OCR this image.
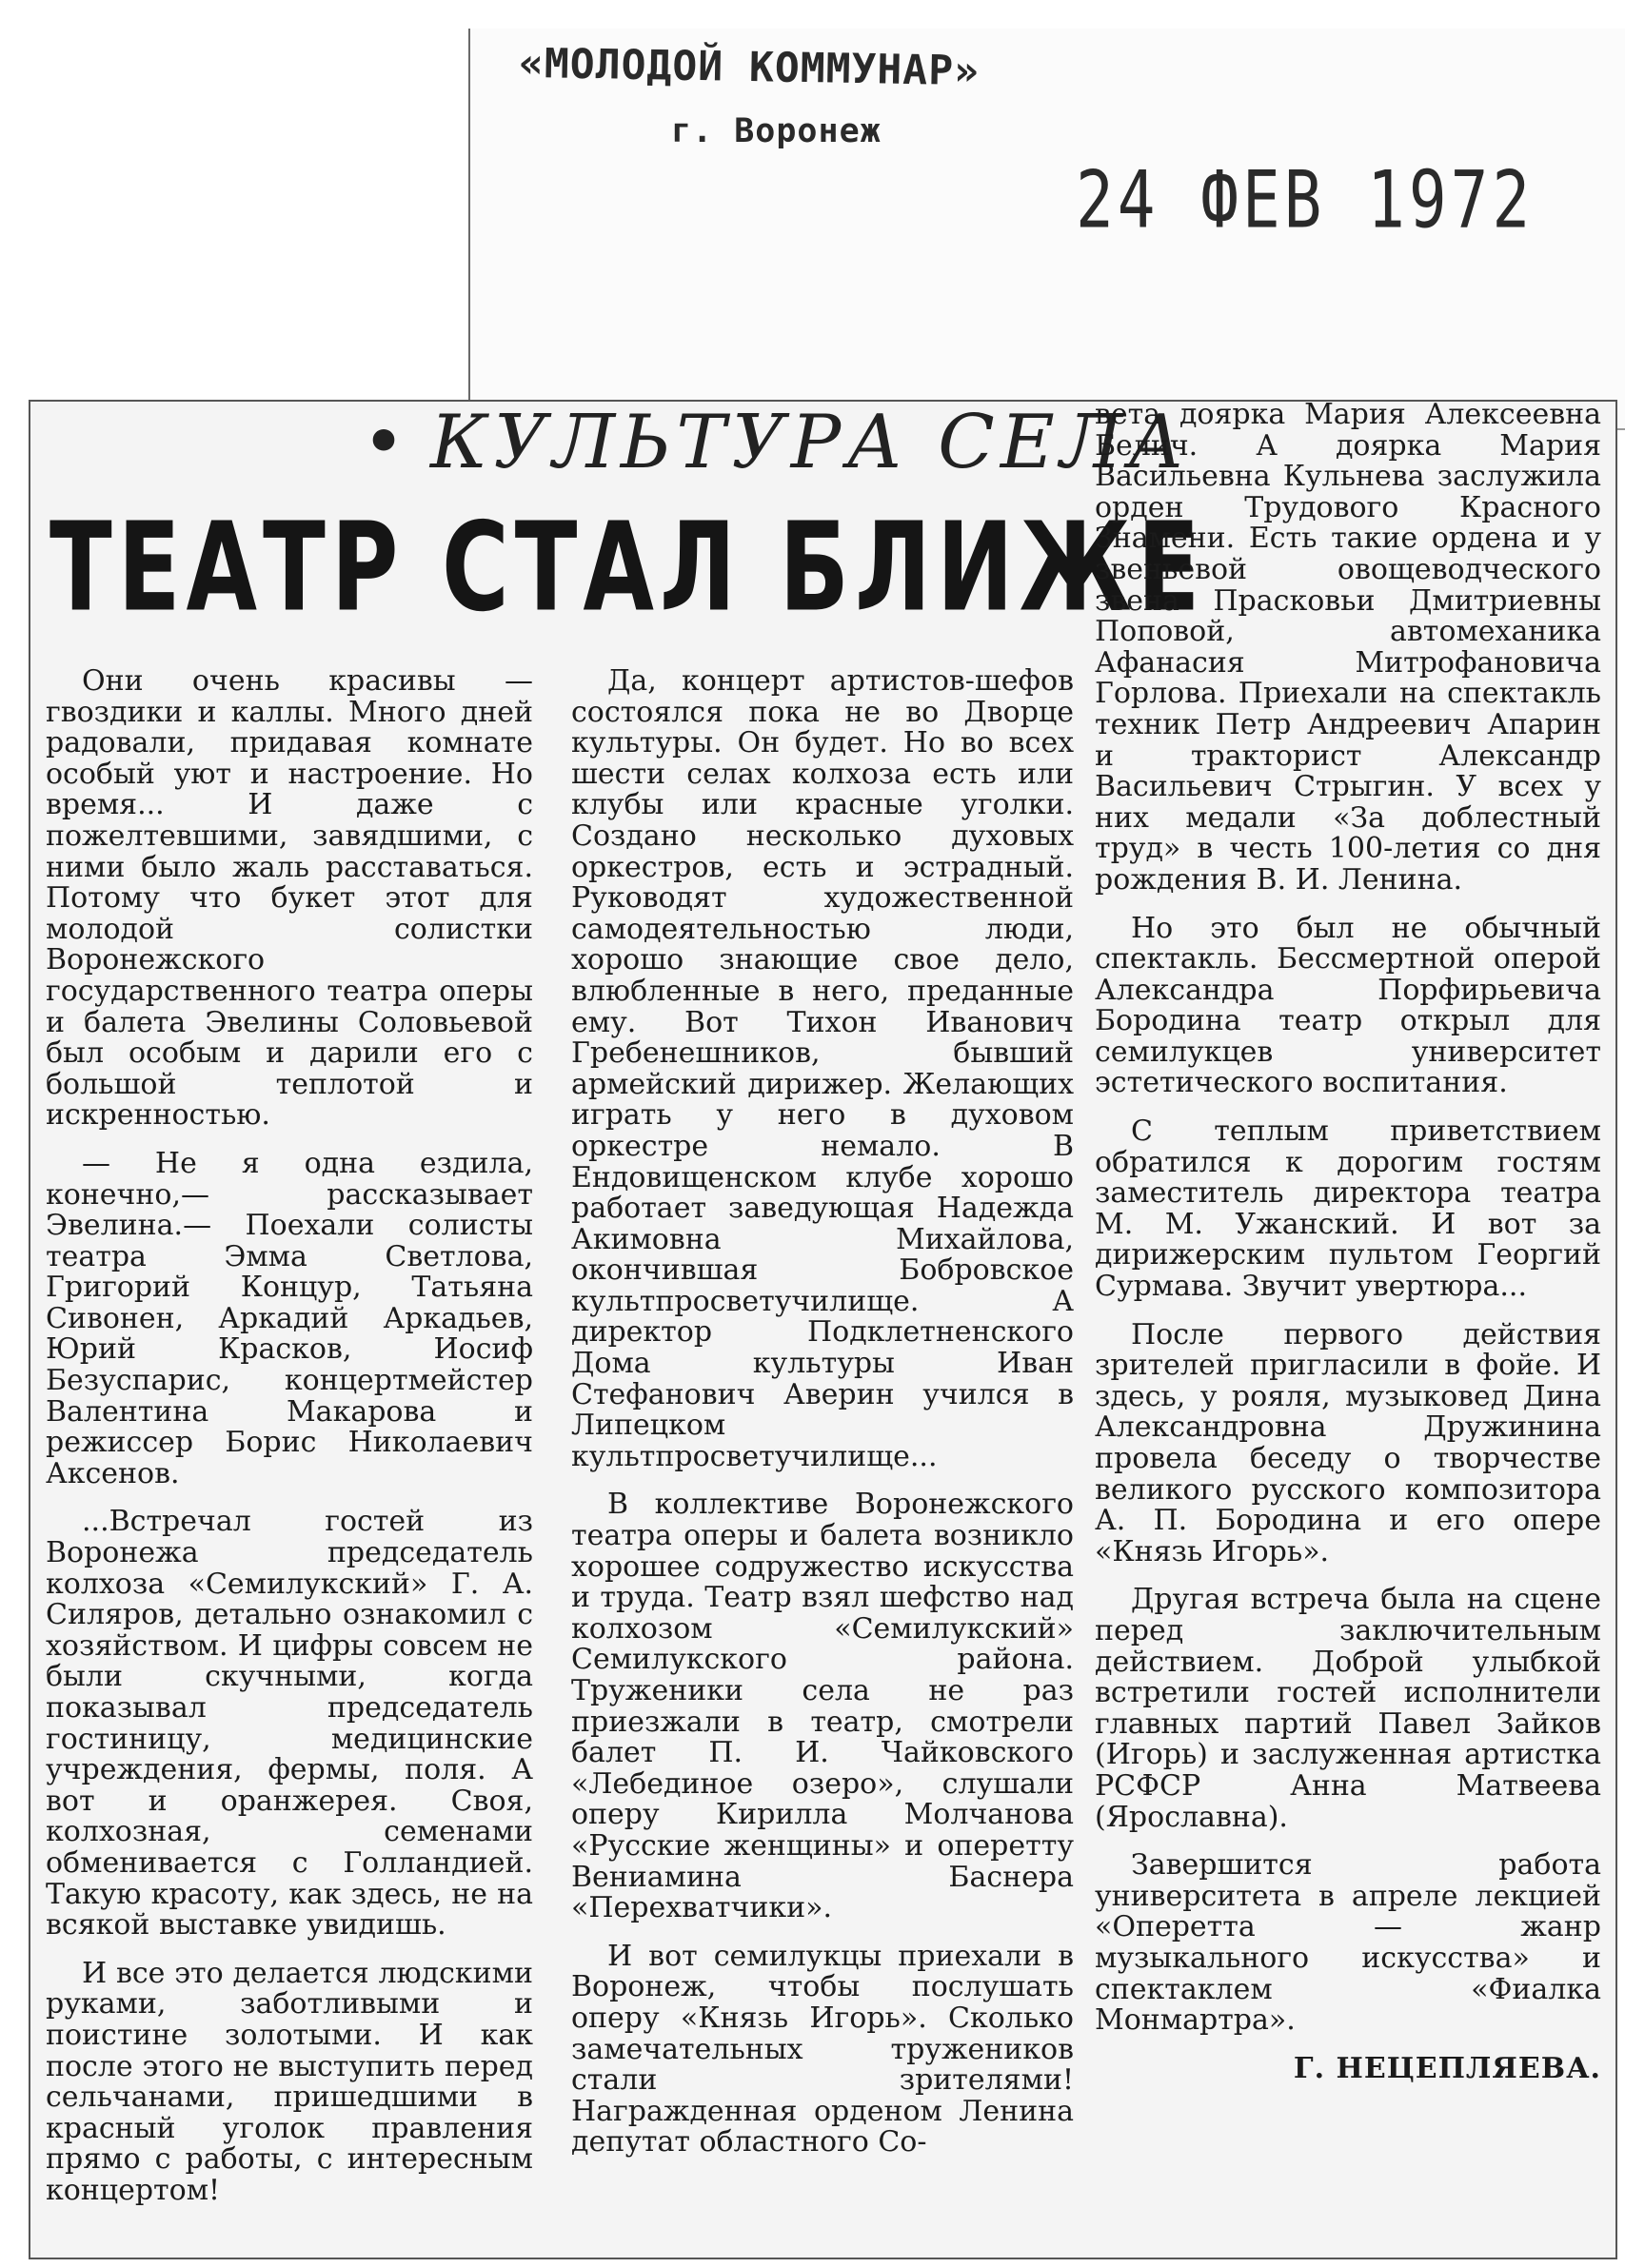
«МОЛОДОЙ КОММУНАР»
г. Воронеж
24 ФЕВ 1972
• КУЛЬТУРА СЕЛА
ТЕАТР СТАЛ БЛИЖЕ

Они очень красивы — гвоздики и каллы. Много дней радовали, придавая комнате особый уют и настроение. Но время... И даже с пожелтевшими, завядшими, с ними было жаль расставаться. Потому что букет этот для молодой солистки Воронежского государственного театра оперы и балета Эвелины Соловьевой был особым и дарили его с большой теплотой и искренностью.

— Не я одна ездила, конечно,— рассказывает Эвелина.— Поехали солисты театра Эмма Светлова, Григорий Концур, Татьяна Сивонен, Аркадий Аркадьев, Юрий Красков, Иосиф Безуспарис, концертмейстер Валентина Макарова и режиссер Борис Николаевич Аксенов.

...Встречал гостей из Воронежа председатель колхоза «Семилукский» Г. А. Силяров, детально ознакомил с хозяйством. И цифры совсем не были скучными, когда показывал председатель гостиницу, медицинские учреждения, фермы, поля. А вот и оранжерея. Своя, колхозная, семенами обменивается с Голландией. Такую красоту, как здесь, не на всякой выставке увидишь.

И все это делается людскими руками, заботливыми и поистине золотыми. И как после этого не выступить перед сельчанами, пришедшими в красный уголок правления прямо с работы, с интересным концертом!

Да, концерт артистов-шефов состоялся пока не во Дворце культуры. Он будет. Но во всех шести селах колхоза есть или клубы или красные уголки. Создано несколько духовых оркестров, есть и эстрадный. Руководят художественной самодеятельностью люди, хорошо знающие свое дело, влюбленные в него, преданные ему. Вот Тихон Иванович Гребенешников, бывший армейский дирижер. Желающих играть у него в духовом оркестре немало. В Ендовищенском клубе хорошо работает заведующая Надежда Акимовна Михайлова, окончившая Бобровское культпросветучилище. А директор Подклетненского Дома культуры Иван Стефанович Аверин учился в Липецком культпросветучилище...

В коллективе Воронежского театра оперы и балета возникло хорошее содружество искусства и труда. Театр взял шефство над колхозом «Семилукский» Семилукского района. Труженики села не раз приезжали в театр, смотрели балет П. И. Чайковского «Лебединое озеро», слушали оперу Кирилла Молчанова «Русские женщины» и оперетту Вениамина Баснера «Перехватчики».

И вот семилукцы приехали в Воронеж, чтобы послушать оперу «Князь Игорь». Сколько замечательных тружеников стали зрителями! Награжденная орденом Ленина депутат областного Со-

вета доярка Мария Алексеевна Белич. А доярка Мария Васильевна Кульнева заслужила орден Трудового Красного Знамени. Есть такие ордена и у звеньевой овощеводческого звена Прасковьи Дмитриевны Поповой, автомеханика Афанасия Митрофановича Горлова. Приехали на спектакль техник Петр Андреевич Апарин и тракторист Александр Васильевич Стрыгин. У всех у них медали «За доблестный труд» в честь 100-летия со дня рождения В. И. Ленина.

Но это был не обычный спектакль. Бессмертной оперой Александра Порфирьевича Бородина театр открыл для семилукцев университет эстетического воспитания.

С теплым приветствием обратился к дорогим гостям заместитель директора театра М. М. Ужанский. И вот за дирижерским пультом Георгий Сурмава. Звучит увертюра...

После первого действия зрителей пригласили в фойе. И здесь, у рояля, музыковед Дина Александровна Дружинина провела беседу о творчестве великого русского композитора А. П. Бородина и его опере «Князь Игорь».

Другая встреча была на сцене перед заключительным действием. Доброй улыбкой встретили гостей исполнители главных партий Павел Зайков (Игорь) и заслуженная артистка РСФСР Анна Матвеева (Ярославна).

Завершится работа университета в апреле лекцией «Оперетта — жанр музыкального искусства» и спектаклем «Фиалка Монмартра».

Г. НЕЦЕПЛЯЕВА.
